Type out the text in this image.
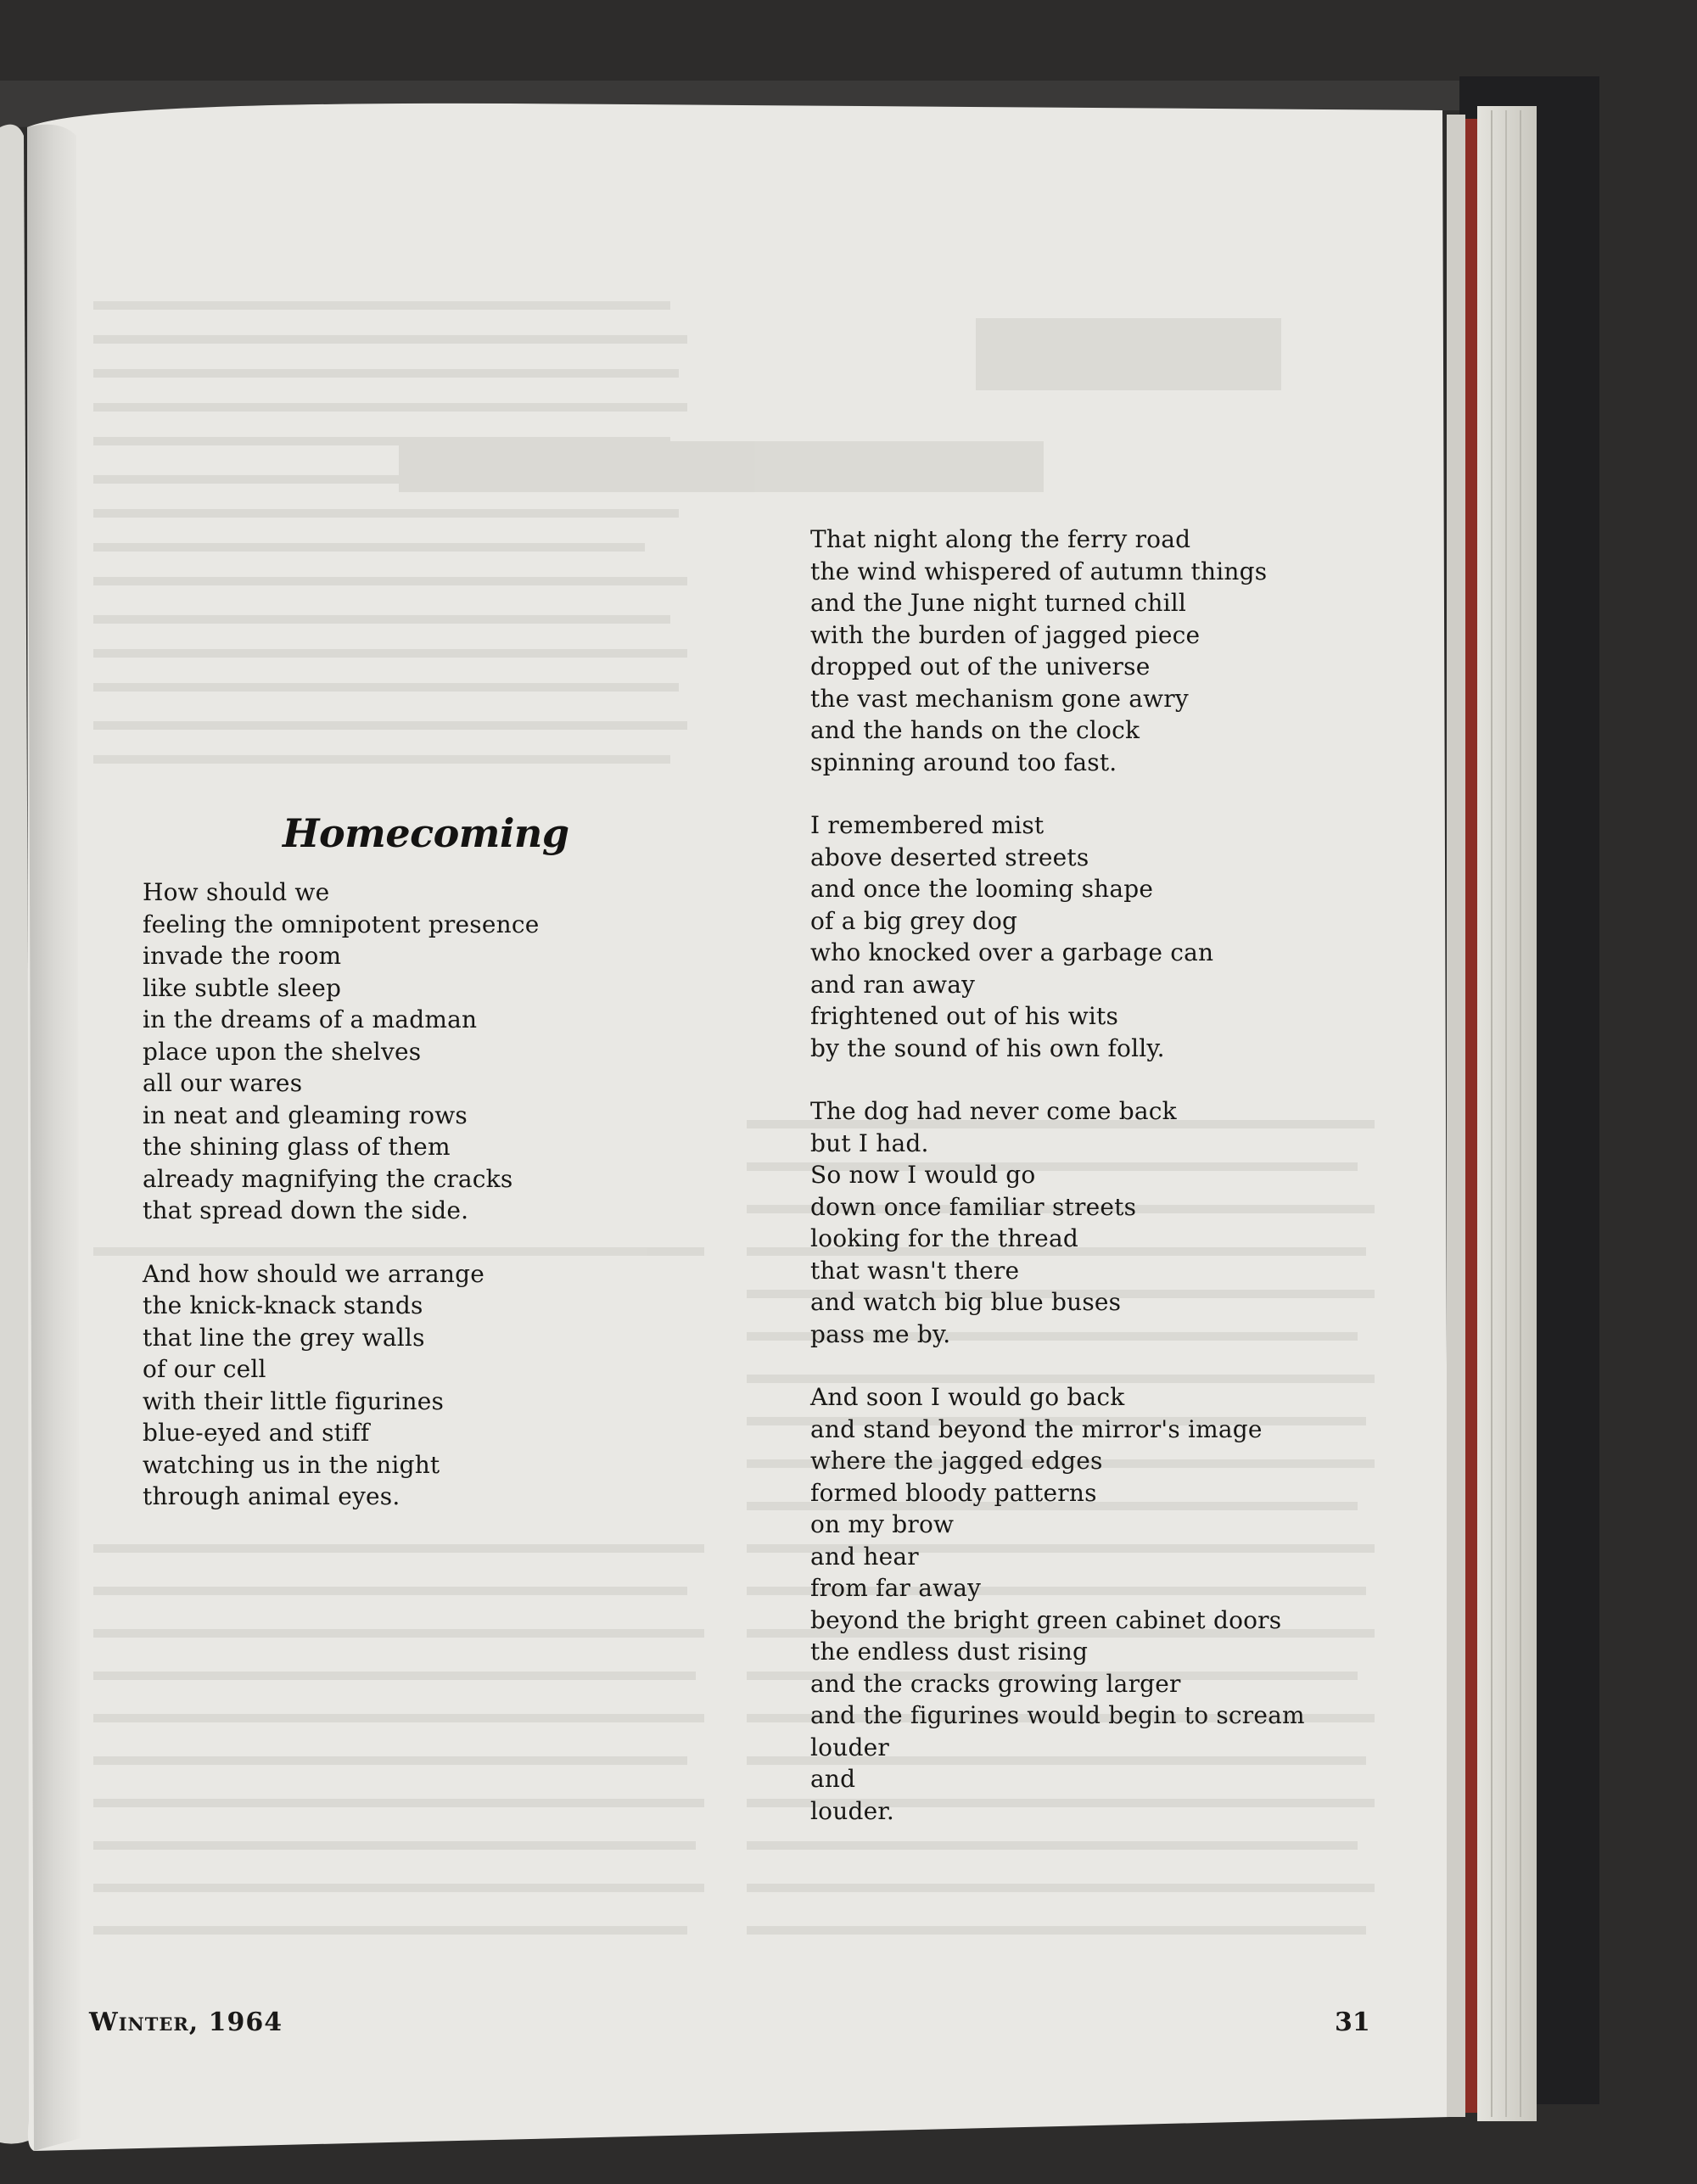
Homecoming
How should we
feeling the omnipotent presence
invade the room
like subtle sleep
in the dreams of a madman
place upon the shelves
all our wares
in neat and gleaming rows
the shining glass of them
already magnifying the cracks
that spread down the side.
And how should we arrange
the knick-knack stands
that line the grey walls
of our cell
with their little figurines
blue-eyed and stiff
watching us in the night
through animal eyes.
That night along the ferry road
the wind whispered of autumn things
and the June night turned chill
with the burden of jagged piece
dropped out of the universe
the vast mechanism gone awry
and the hands on the clock
spinning around too fast.
I remembered mist
above deserted streets
and once the looming shape
of a big grey dog
who knocked over a garbage can
and ran away
frightened out of his wits
by the sound of his own folly.
The dog had never come back
but I had.
So now I would go
down once familiar streets
looking for the thread
that wasn't there
and watch big blue buses
pass me by.
And soon I would go back
and stand beyond the mirror's image
where the jagged edges
formed bloody patterns
on my brow
and hear
from far away
beyond the bright green cabinet doors
the endless dust rising
and the cracks growing larger
and the figurines would begin to scream
louder
and
louder.
Winter, 1964	31
